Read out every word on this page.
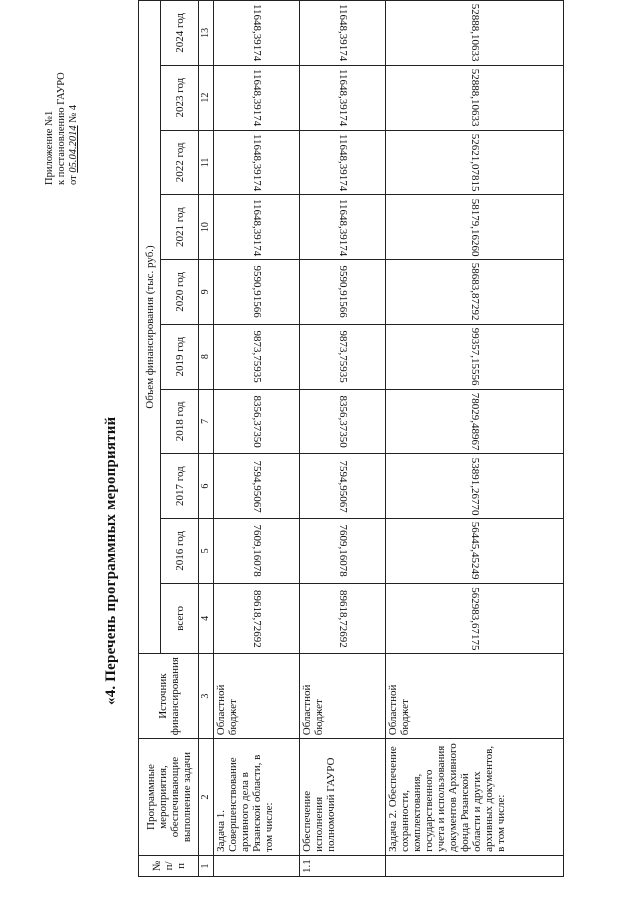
Приложение №1 к постановлению ГАУРО от 05.04.2014 № 4
«4. Перечень программных мероприятий
№ п/п	Программные мероприятия, обеспечивающие выполнение задачи	Источник финансирования	Объем финансирования (тыс. руб.)									
			всего	2016 год	2017 год	2018 год	2019 год	2020 год	2021 год	2022 год	2023 год	2024 год
1	2	3	4	5	6	7	8	9	10	11	12	13
	Задача 1. Совершенствование архивного дела в Рязанской области, в том числе:	Областной бюджет	89618,72692	7609,16078	7594,95067	8356,37350	9873,75935	9590,91566	11648,39174	11648,39174	11648,39174	11648,39174
1.1	Обеспечение исполнения полномочий ГАУРО	Областной бюджет	89618,72692	7609,16078	7594,95067	8356,37350	9873,75935	9590,91566	11648,39174	11648,39174	11648,39174	11648,39174
	Задача 2. Обеспечение сохранности, комплектования, государственного учета и использования документов Архивного фонда Рязанской области и других архивных документов, в том числе:	Областной бюджет	562983,67175	56445,45249	53891,26770	78029,48967	99357,15556	58683,87292	58179,16260	52621,07815	52888,10633	52888,10633
